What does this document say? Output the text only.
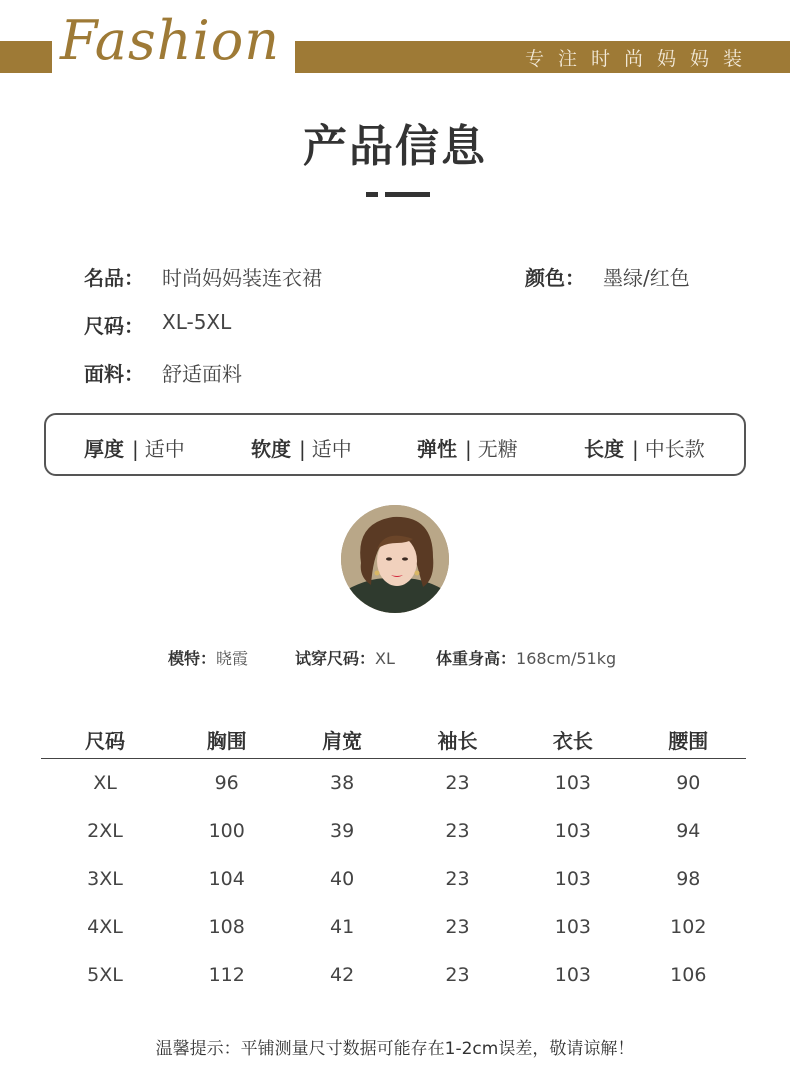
Fashion	专注时尚妈妈装
产品信息
名品： 时尚妈妈装连衣裙	颜色： 墨绿/红色
尺码： XL-5XL
面料： 舒适面料
厚度 | 适中	软度 | 适中	弹性 | 无糖	长度 | 中长款
模特：晓霞	试穿尺码：XL	体重身高：168cm/51kg
尺码	胸围	肩宽	袖长	衣长	腰围
XL	96	38	23	103	90
2XL	100	39	23	103	94
3XL	104	40	23	103	98
4XL	108	41	23	103	102
5XL	112	42	23	103	106
温馨提示：平铺测量尺寸数据可能存在1-2cm误差，敬请谅解！
